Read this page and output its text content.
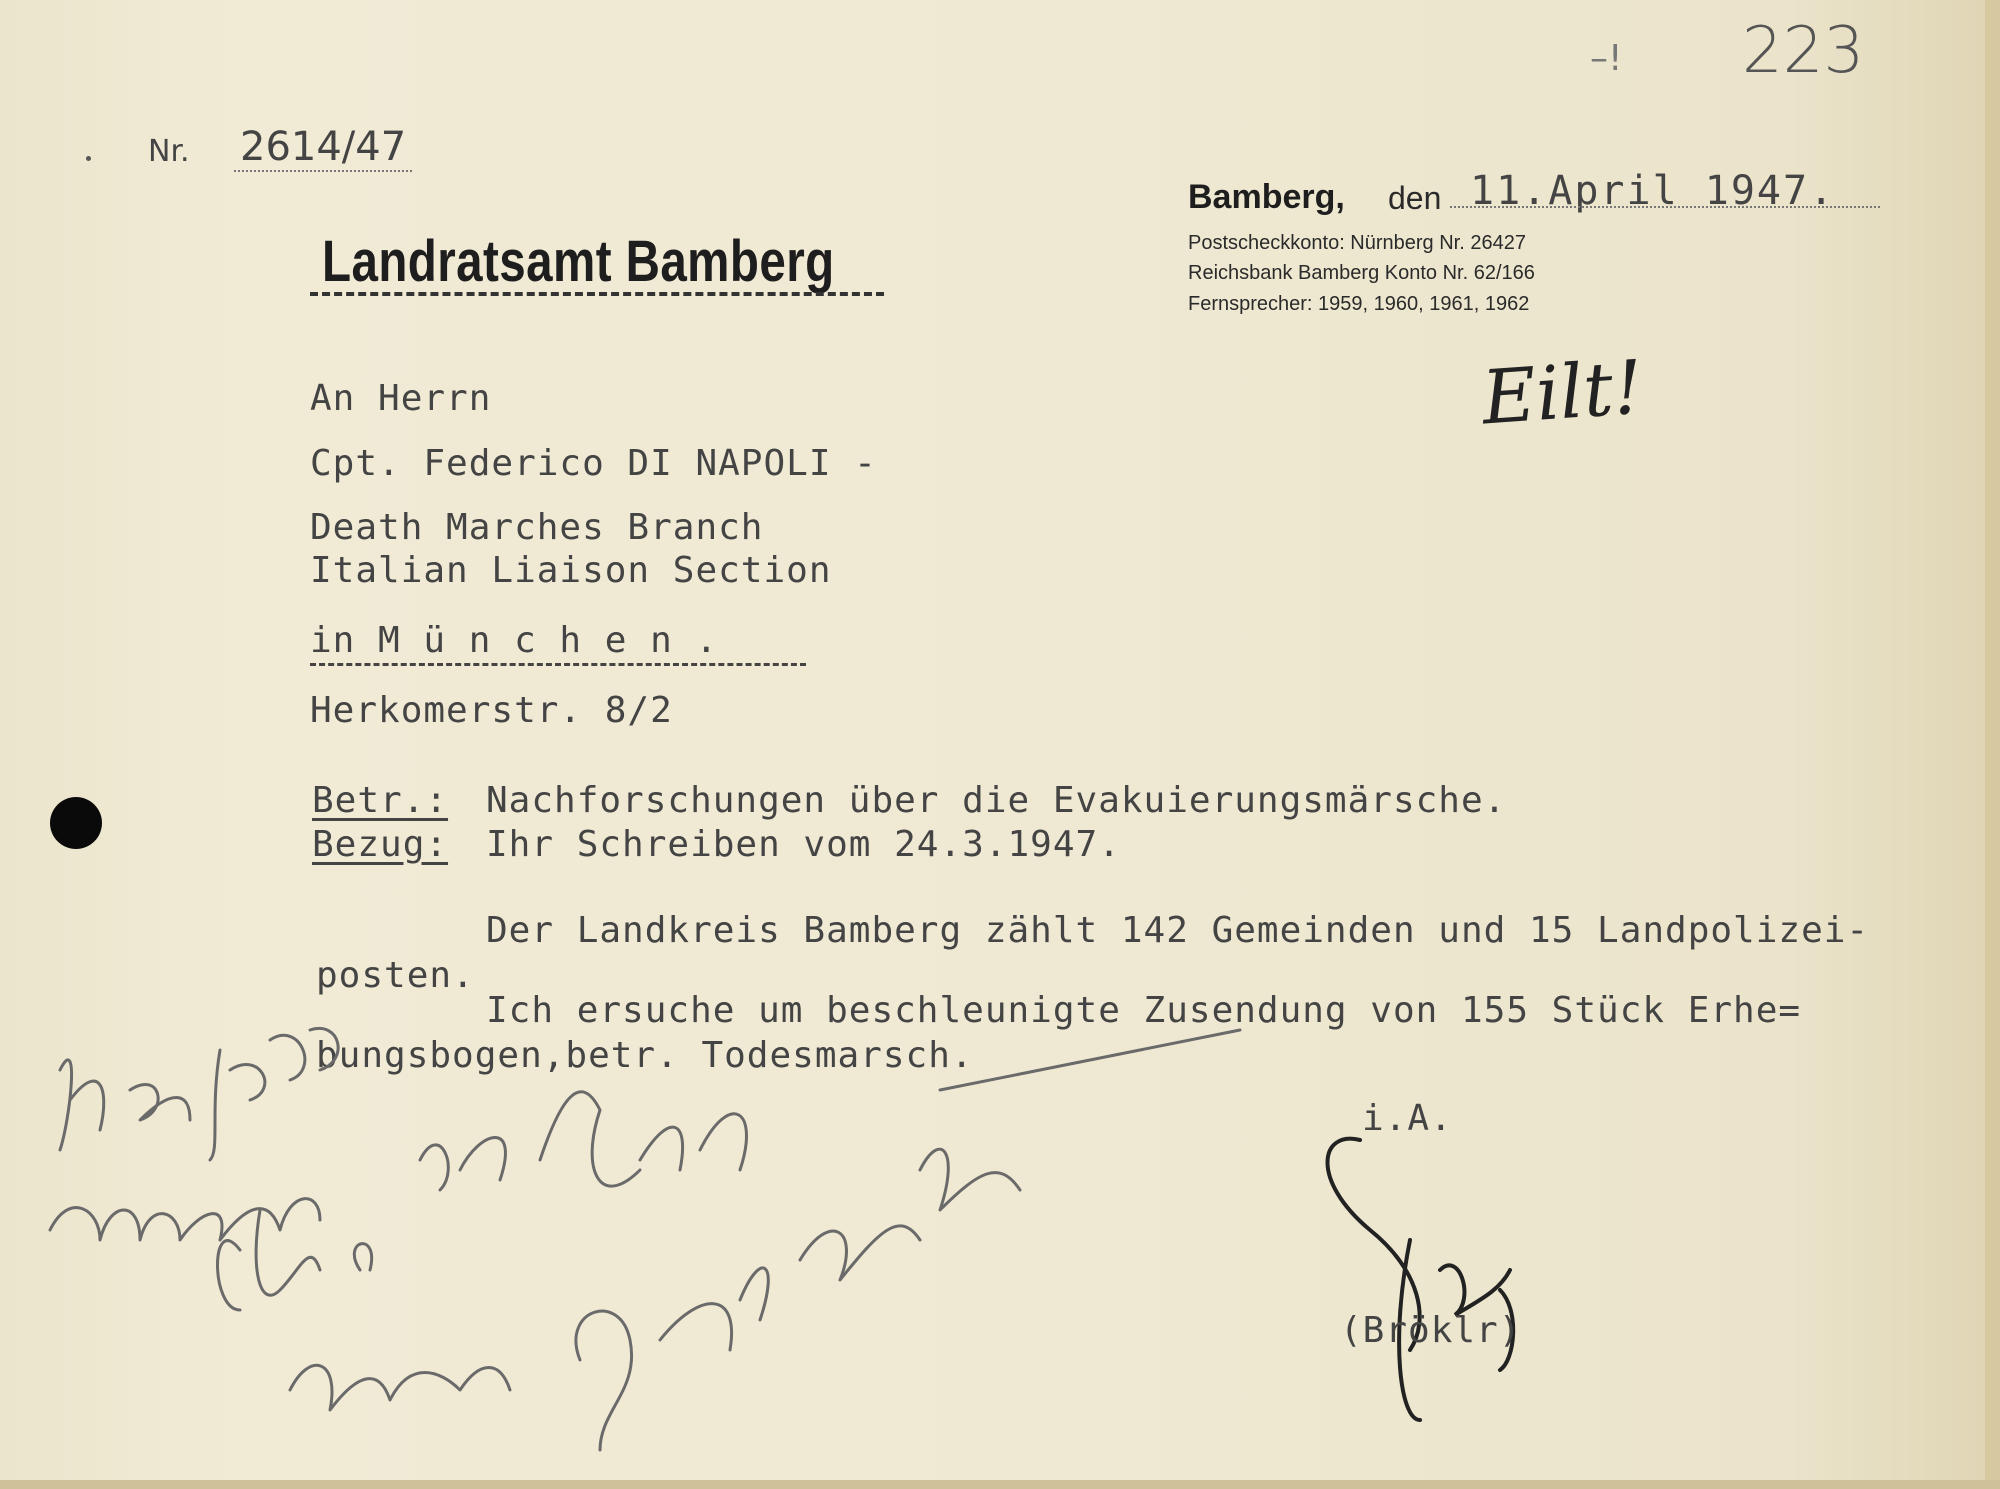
–! 223
Nr. 2614/47
Landratsamt Bamberg
Bamberg, den 11.April 1947.
Postscheckkonto: Nürnberg Nr. 26427
Reichsbank Bamberg Konto Nr. 62/166
Fernsprecher: 1959, 1960, 1961, 1962
Eilt!
An Herrn
Cpt. Federico DI NAPOLI -
Death Marches Branch
Italian Liaison Section
in M ü n c h e n .
Herkomerstr. 8/2
Betr.: Nachforschungen über die Evakuierungsmärsche.
Bezug: Ihr Schreiben vom 24.3.1947.
Der Landkreis Bamberg zählt 142 Gemeinden und 15 Landpolizei-
posten.
Ich ersuche um beschleunigte Zusendung von 155 Stück Erhe=
bungsbogen,betr. Todesmarsch.
i.A.
(Bröklr)
